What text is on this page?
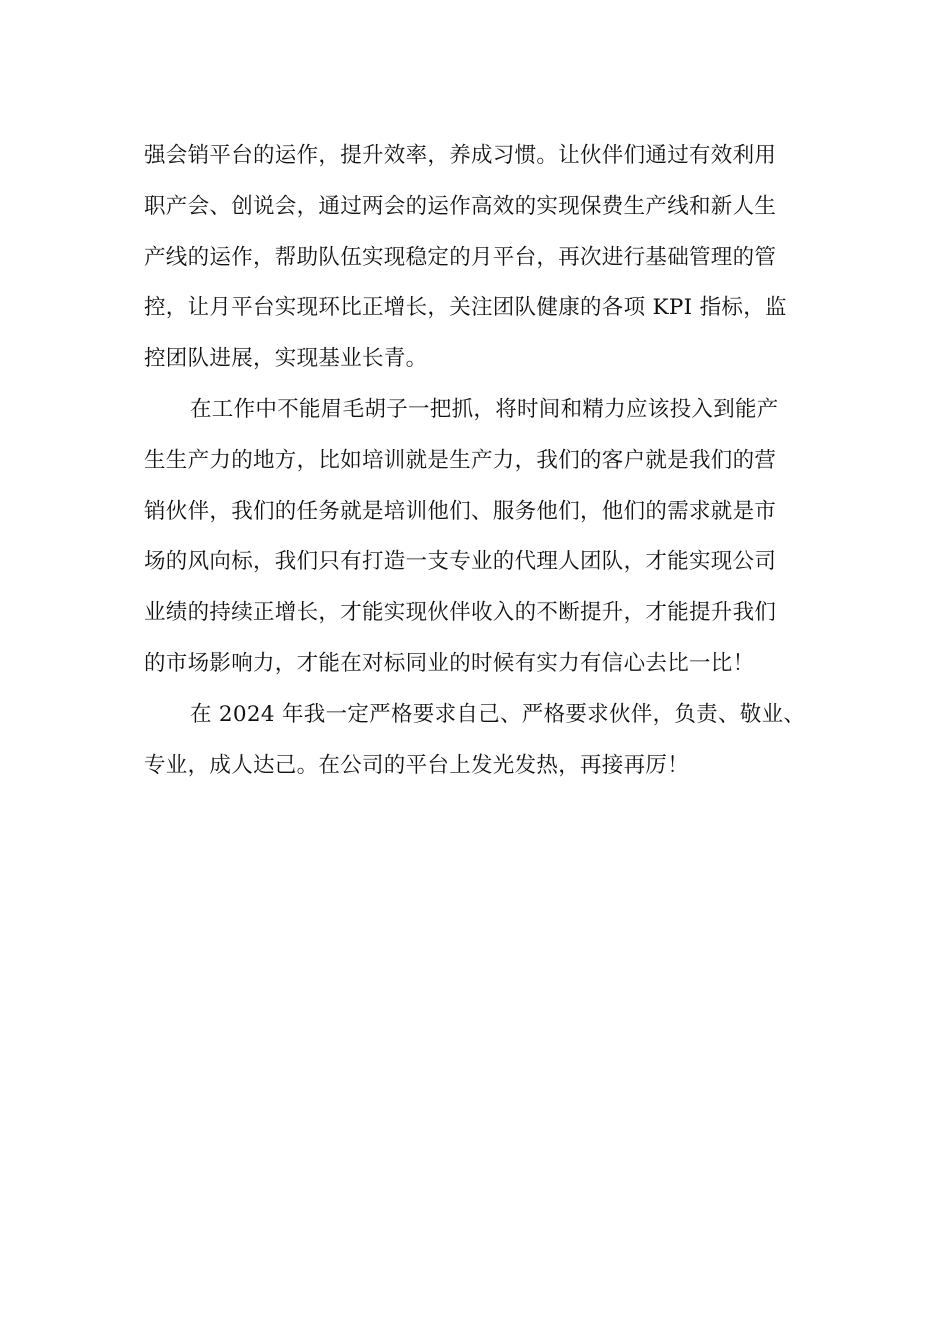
强会销平台的运作，提升效率，养成习惯。让伙伴们通过有效利用
职产会、创说会，通过两会的运作高效的实现保费生产线和新人生
产线的运作，帮助队伍实现稳定的月平台，再次进行基础管理的管
控，让月平台实现环比正增长，关注团队健康的各项 KPI 指标，监
控团队进展，实现基业长青。

在工作中不能眉毛胡子一把抓，将时间和精力应该投入到能产
生生产力的地方，比如培训就是生产力，我们的客户就是我们的营
销伙伴，我们的任务就是培训他们、服务他们，他们的需求就是市
场的风向标，我们只有打造一支专业的代理人团队，才能实现公司
业绩的持续正增长，才能实现伙伴收入的不断提升，才能提升我们
的市场影响力，才能在对标同业的时候有实力有信心去比一比！

在 2024 年我一定严格要求自己、严格要求伙伴，负责、敬业、
专业，成人达己。在公司的平台上发光发热，再接再厉！
